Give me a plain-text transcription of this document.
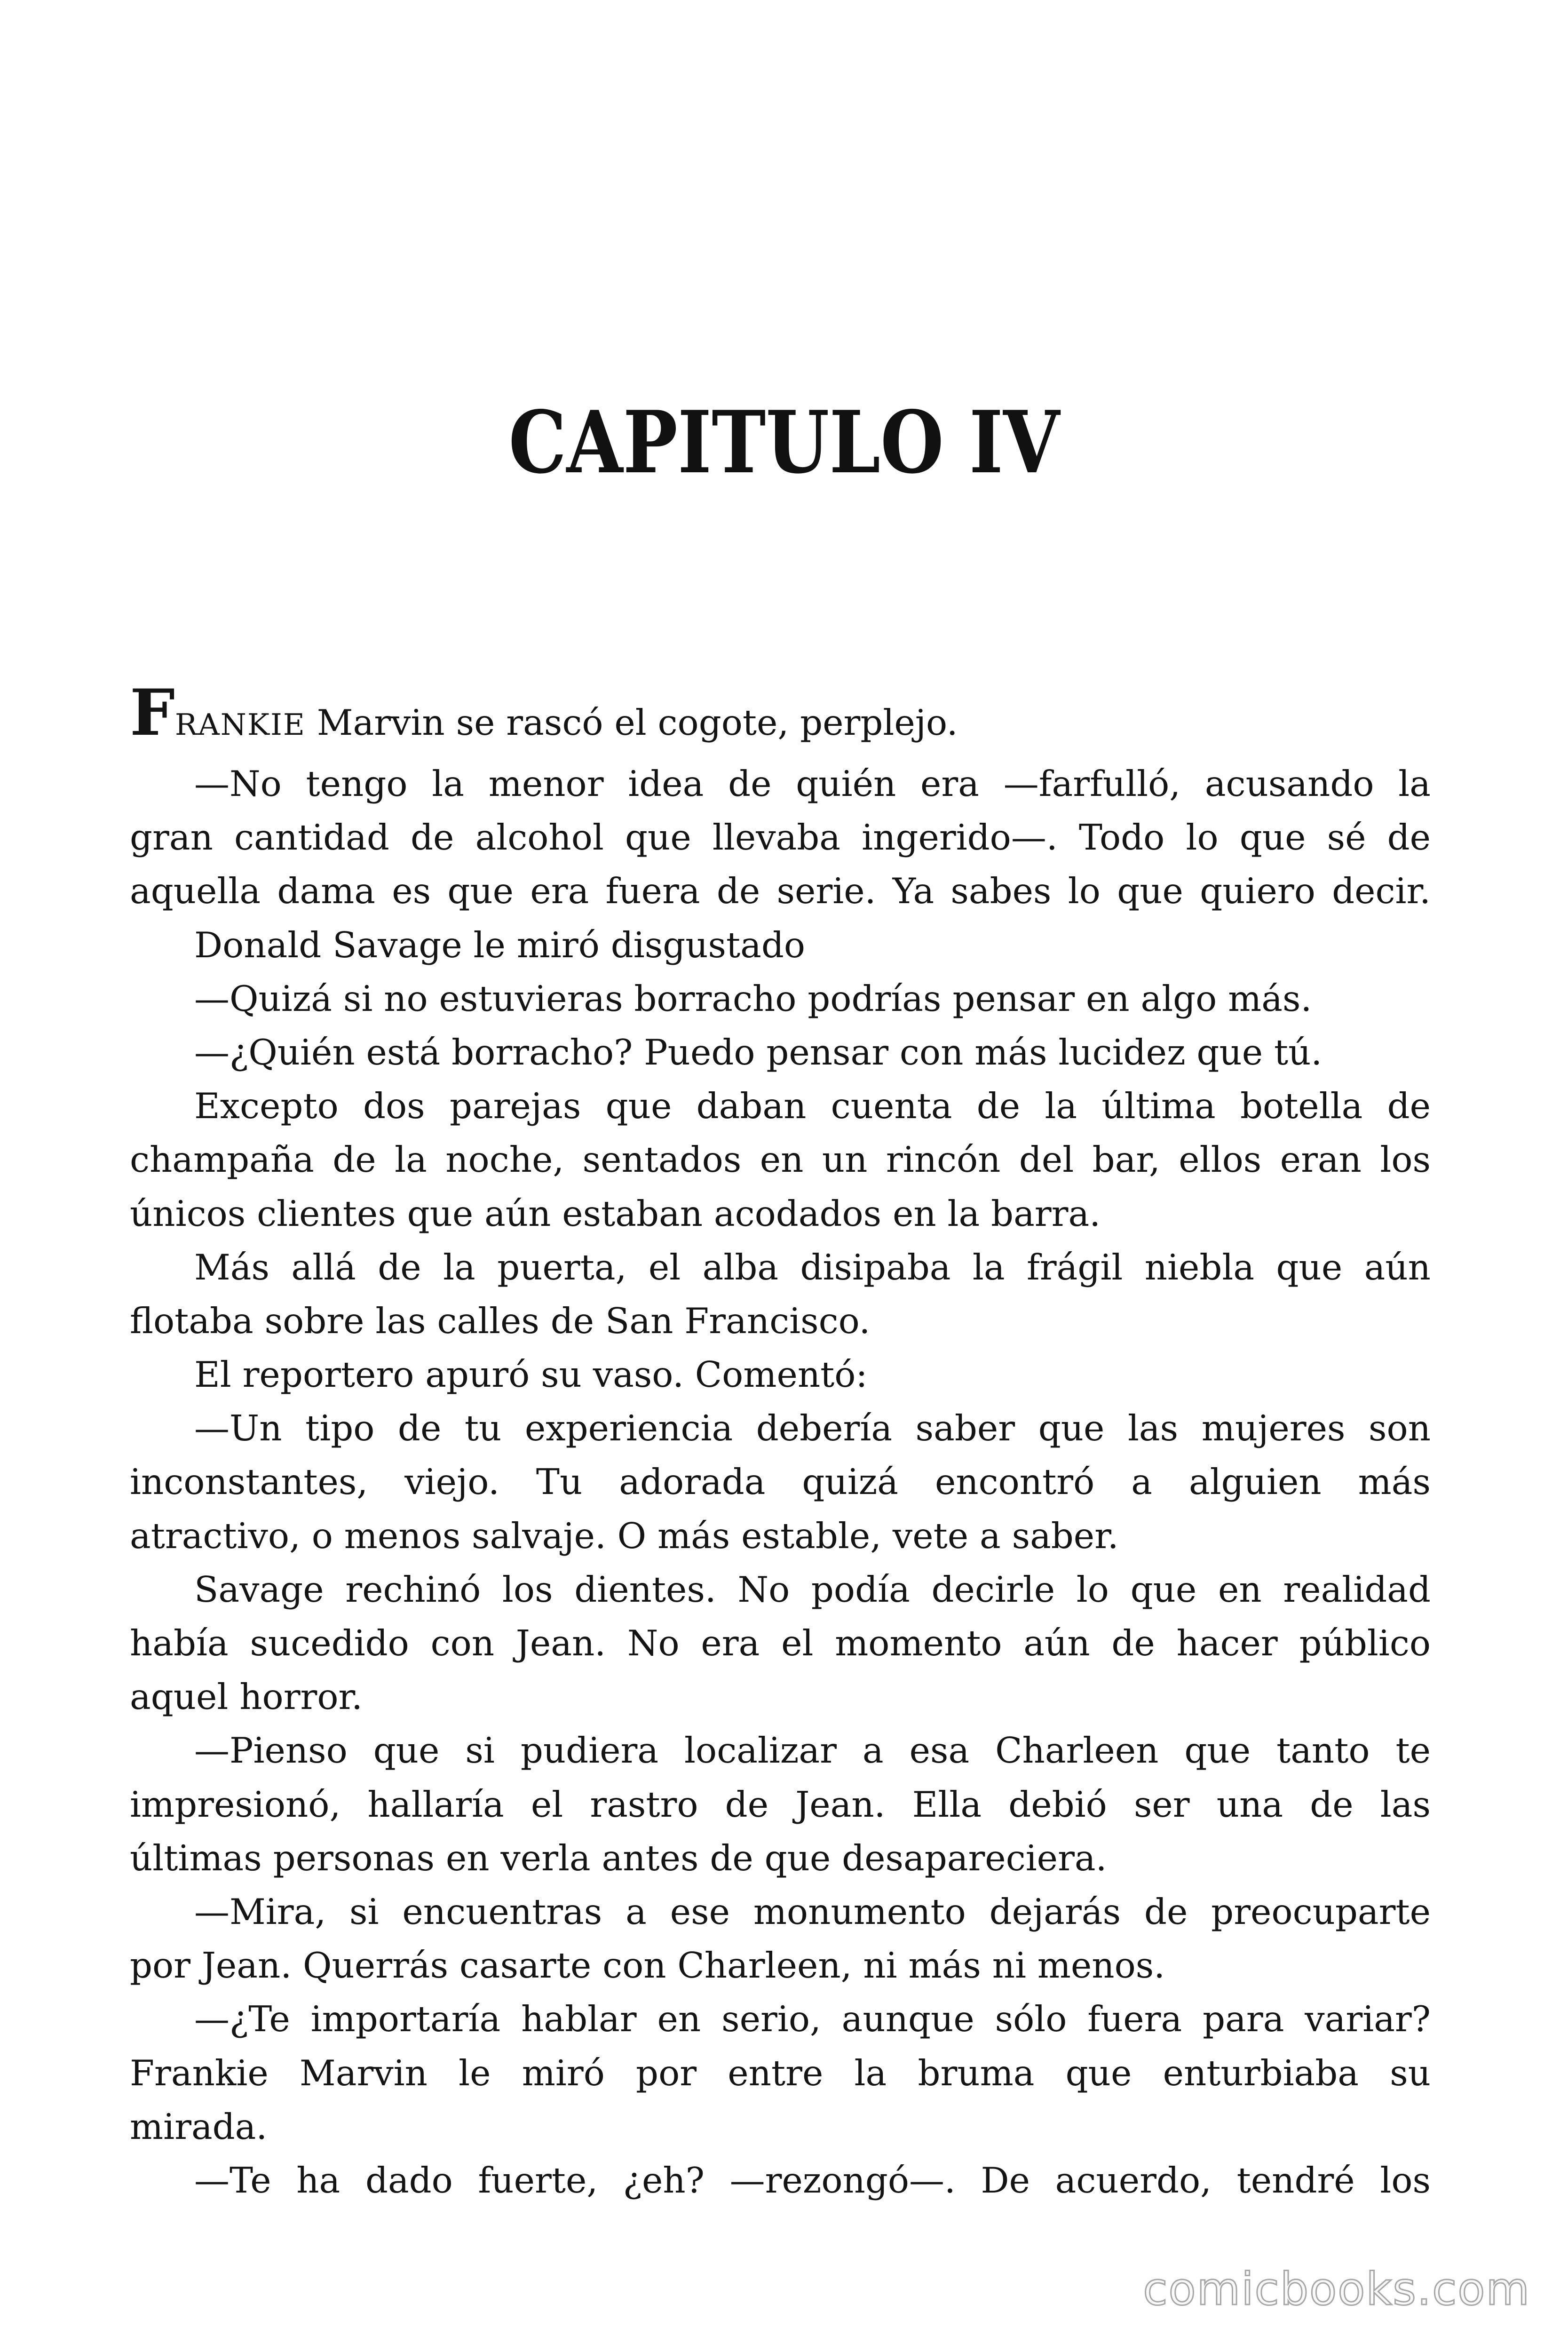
CAPITULO IV
FRANKIE Marvin se rascó el cogote, perplejo.
—No tengo la menor idea de quién era —farfulló, acusando la
gran cantidad de alcohol que llevaba ingerido—. Todo lo que sé de
aquella dama es que era fuera de serie. Ya sabes lo que quiero decir.
Donald Savage le miró disgustado
—Quizá si no estuvieras borracho podrías pensar en algo más.
—¿Quién está borracho? Puedo pensar con más lucidez que tú.
Excepto dos parejas que daban cuenta de la última botella de
champaña de la noche, sentados en un rincón del bar, ellos eran los
únicos clientes que aún estaban acodados en la barra.
Más allá de la puerta, el alba disipaba la frágil niebla que aún
flotaba sobre las calles de San Francisco.
El reportero apuró su vaso. Comentó:
—Un tipo de tu experiencia debería saber que las mujeres son
inconstantes, viejo. Tu adorada quizá encontró a alguien más
atractivo, o menos salvaje. O más estable, vete a saber.
Savage rechinó los dientes. No podía decirle lo que en realidad
había sucedido con Jean. No era el momento aún de hacer público
aquel horror.
—Pienso que si pudiera localizar a esa Charleen que tanto te
impresionó, hallaría el rastro de Jean. Ella debió ser una de las
últimas personas en verla antes de que desapareciera.
—Mira, si encuentras a ese monumento dejarás de preocuparte
por Jean. Querrás casarte con Charleen, ni más ni menos.
—¿Te importaría hablar en serio, aunque sólo fuera para variar?
Frankie Marvin le miró por entre la bruma que enturbiaba su
mirada.
—Te ha dado fuerte, ¿eh? —rezongó—. De acuerdo, tendré los
comicbooks.com
